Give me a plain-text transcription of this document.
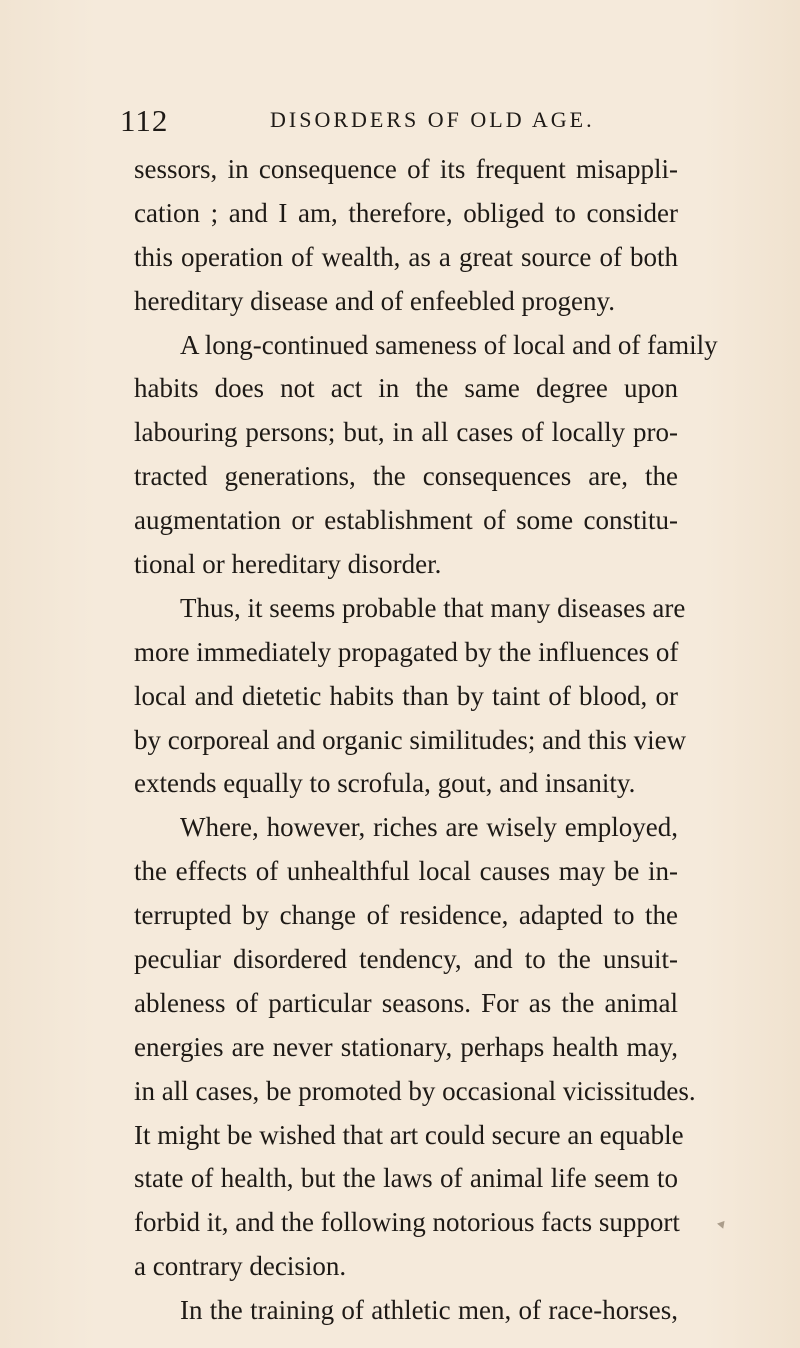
112	DISORDERS OF OLD AGE.
sessors, in consequence of its frequent misappli-
cation ; and I am, therefore, obliged to consider
this operation of wealth, as a great source of both
hereditary disease and of enfeebled progeny.
A long-continued sameness of local and of family
habits does not act in the same degree upon
labouring persons; but, in all cases of locally pro-
tracted generations, the consequences are, the
augmentation or establishment of some constitu-
tional or hereditary disorder.
Thus, it seems probable that many diseases are
more immediately propagated by the influences of
local and dietetic habits than by taint of blood, or
by corporeal and organic similitudes; and this view
extends equally to scrofula, gout, and insanity.
Where, however, riches are wisely employed,
the effects of unhealthful local causes may be in-
terrupted by change of residence, adapted to the
peculiar disordered tendency, and to the unsuit-
ableness of particular seasons. For as the animal
energies are never stationary, perhaps health may,
in all cases, be promoted by occasional vicissitudes.
It might be wished that art could secure an equable
state of health, but the laws of animal life seem to
forbid it, and the following notorious facts support
a contrary decision.
In the training of athletic men, of race-horses,
